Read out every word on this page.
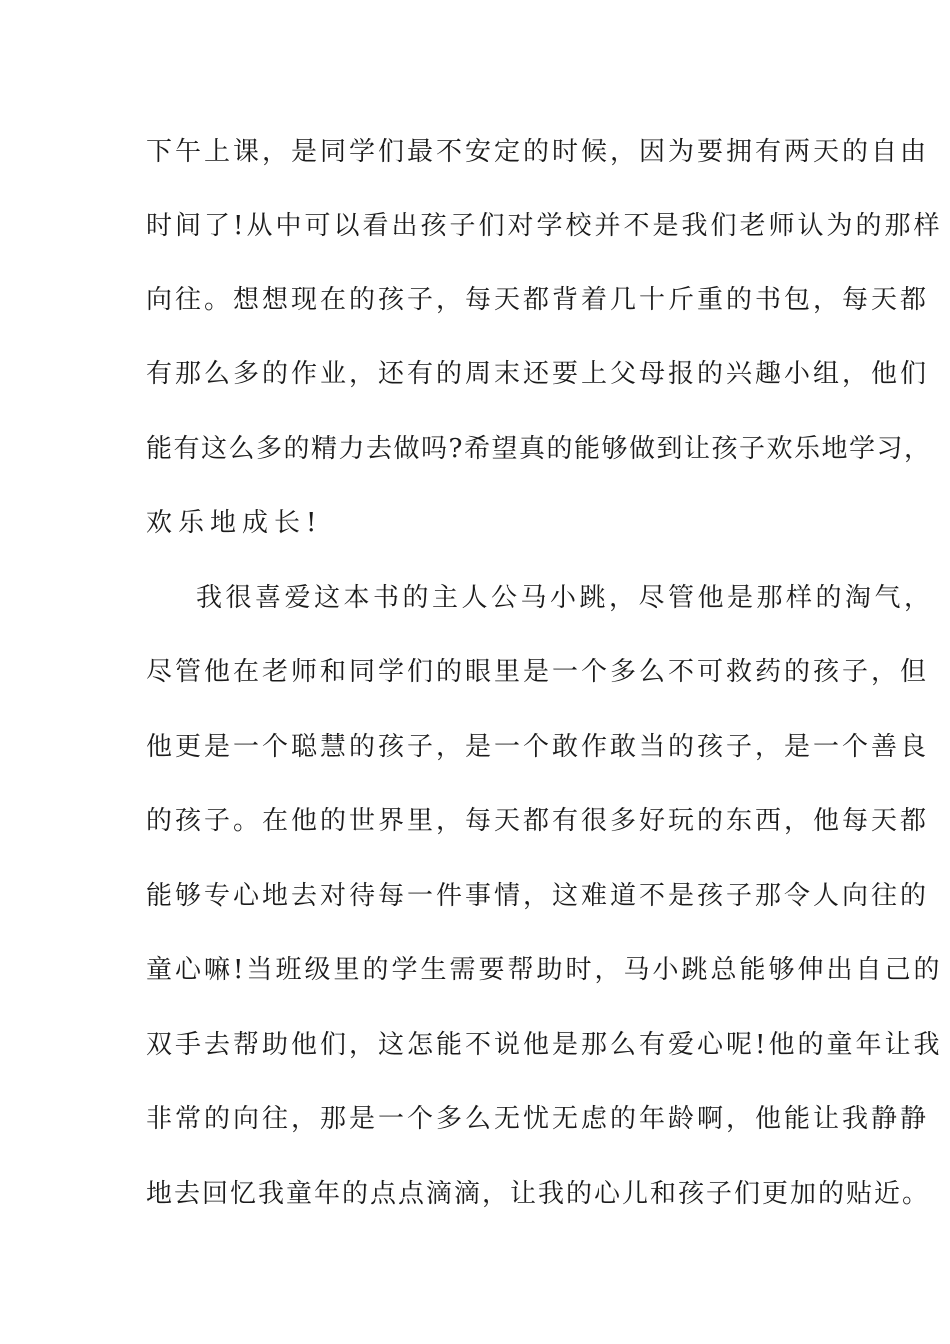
下午上课，是同学们最不安定的时候，因为要拥有两天的自由
时间了!从中可以看出孩子们对学校并不是我们老师认为的那样
向往。想想现在的孩子，每天都背着几十斤重的书包，每天都
有那么多的作业，还有的周末还要上父母报的兴趣小组，他们
能有这么多的精力去做吗?希望真的能够做到让孩子欢乐地学习，
欢乐地成长!
我很喜爱这本书的主人公马小跳，尽管他是那样的淘气，
尽管他在老师和同学们的眼里是一个多么不可救药的孩子，但
他更是一个聪慧的孩子，是一个敢作敢当的孩子，是一个善良
的孩子。在他的世界里，每天都有很多好玩的东西，他每天都
能够专心地去对待每一件事情，这难道不是孩子那令人向往的
童心嘛!当班级里的学生需要帮助时，马小跳总能够伸出自己的
双手去帮助他们，这怎能不说他是那么有爱心呢!他的童年让我
非常的向往，那是一个多么无忧无虑的年龄啊，他能让我静静
地去回忆我童年的点点滴滴，让我的心儿和孩子们更加的贴近。
